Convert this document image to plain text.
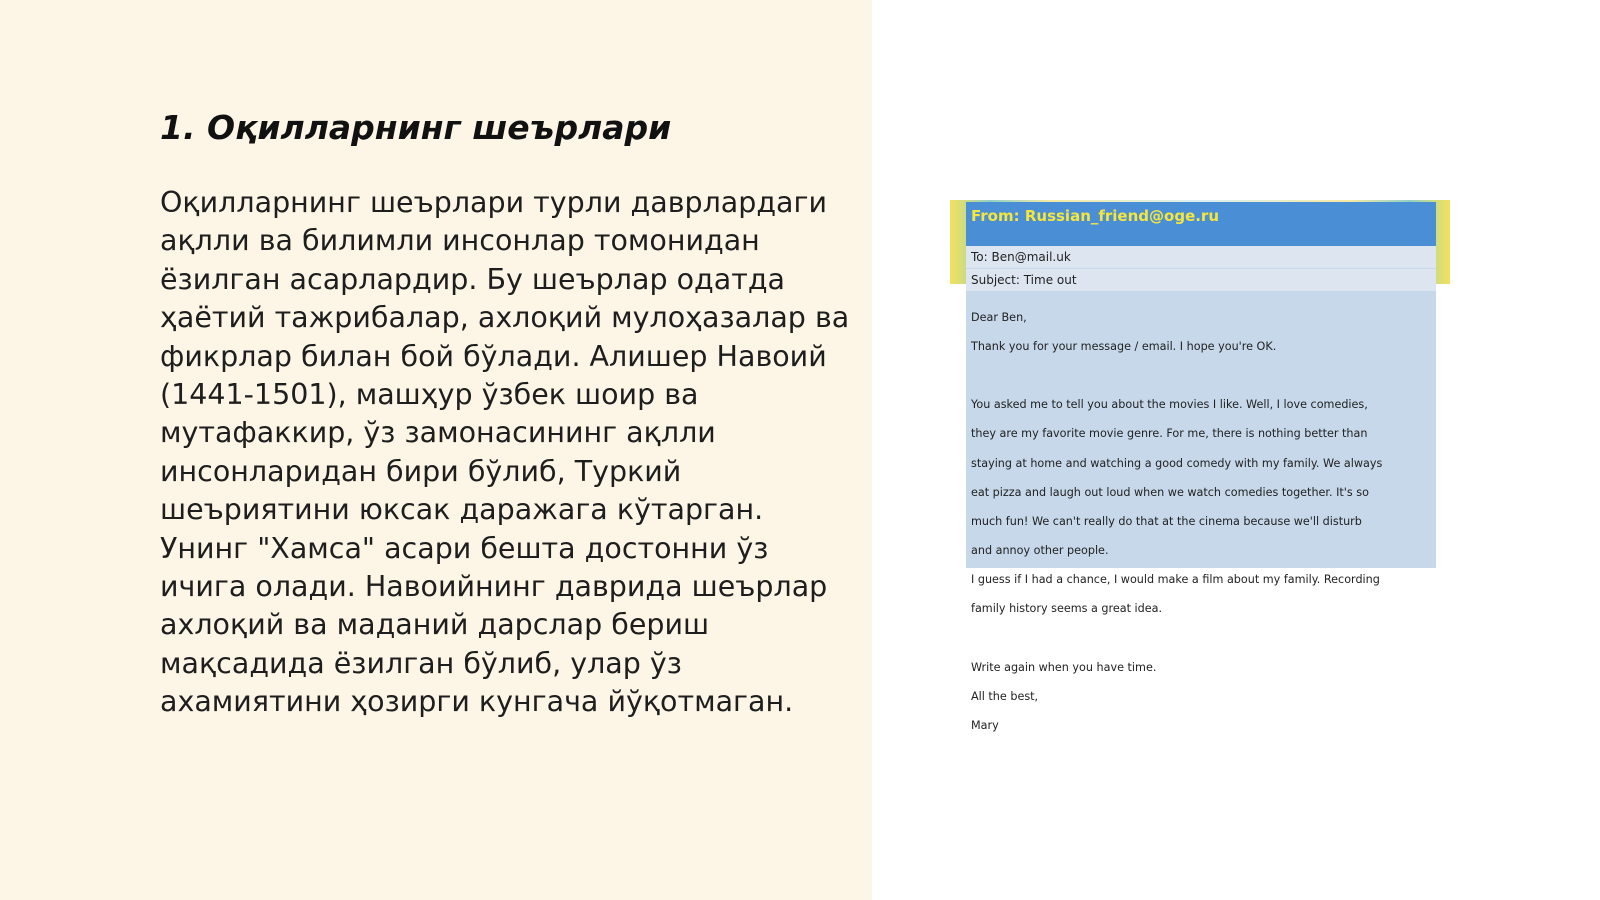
1. Оқилларнинг шеърлари

Оқилларнинг шеърлари турли даврлардаги ақлли ва билимли инсонлар томонидан ёзилган асарлардир. Бу шеърлар одатда ҳаётий тажрибалар, ахлоқий мулоҳазалар ва фикрлар билан бой бўлади. Алишер Навоий (1441-1501), машҳур ўзбек шоир ва мутафаккир, ўз замонасининг ақлли инсонларидан бири бўлиб, Туркий шеъриятини юксак даражага кўтарган. Унинг "Хамса" асари бешта достонни ўз ичига олади. Навоийнинг даврида шеърлар ахлоқий ва маданий дарслар бериш мақсадида ёзилган бўлиб, улар ўз ахамиятини ҳозирги кунгача йўқотмаган.

From: Russian_friend@oge.ru
To: Ben@mail.uk
Subject: Time out

Dear Ben,

Thank you for your message / email. I hope you're OK.

You asked me to tell you about the movies I like. Well, I love comedies,

they are my favorite movie genre. For me, there is nothing better than

staying at home and watching a good comedy with my family. We always

eat pizza and laugh out loud when we watch comedies together. It's so

much fun! We can't really do that at the cinema because we'll disturb

and annoy other people.

I guess if I had a chance, I would make a film about my family. Recording

family history seems a great idea.

Write again when you have time.

All the best,

Mary
